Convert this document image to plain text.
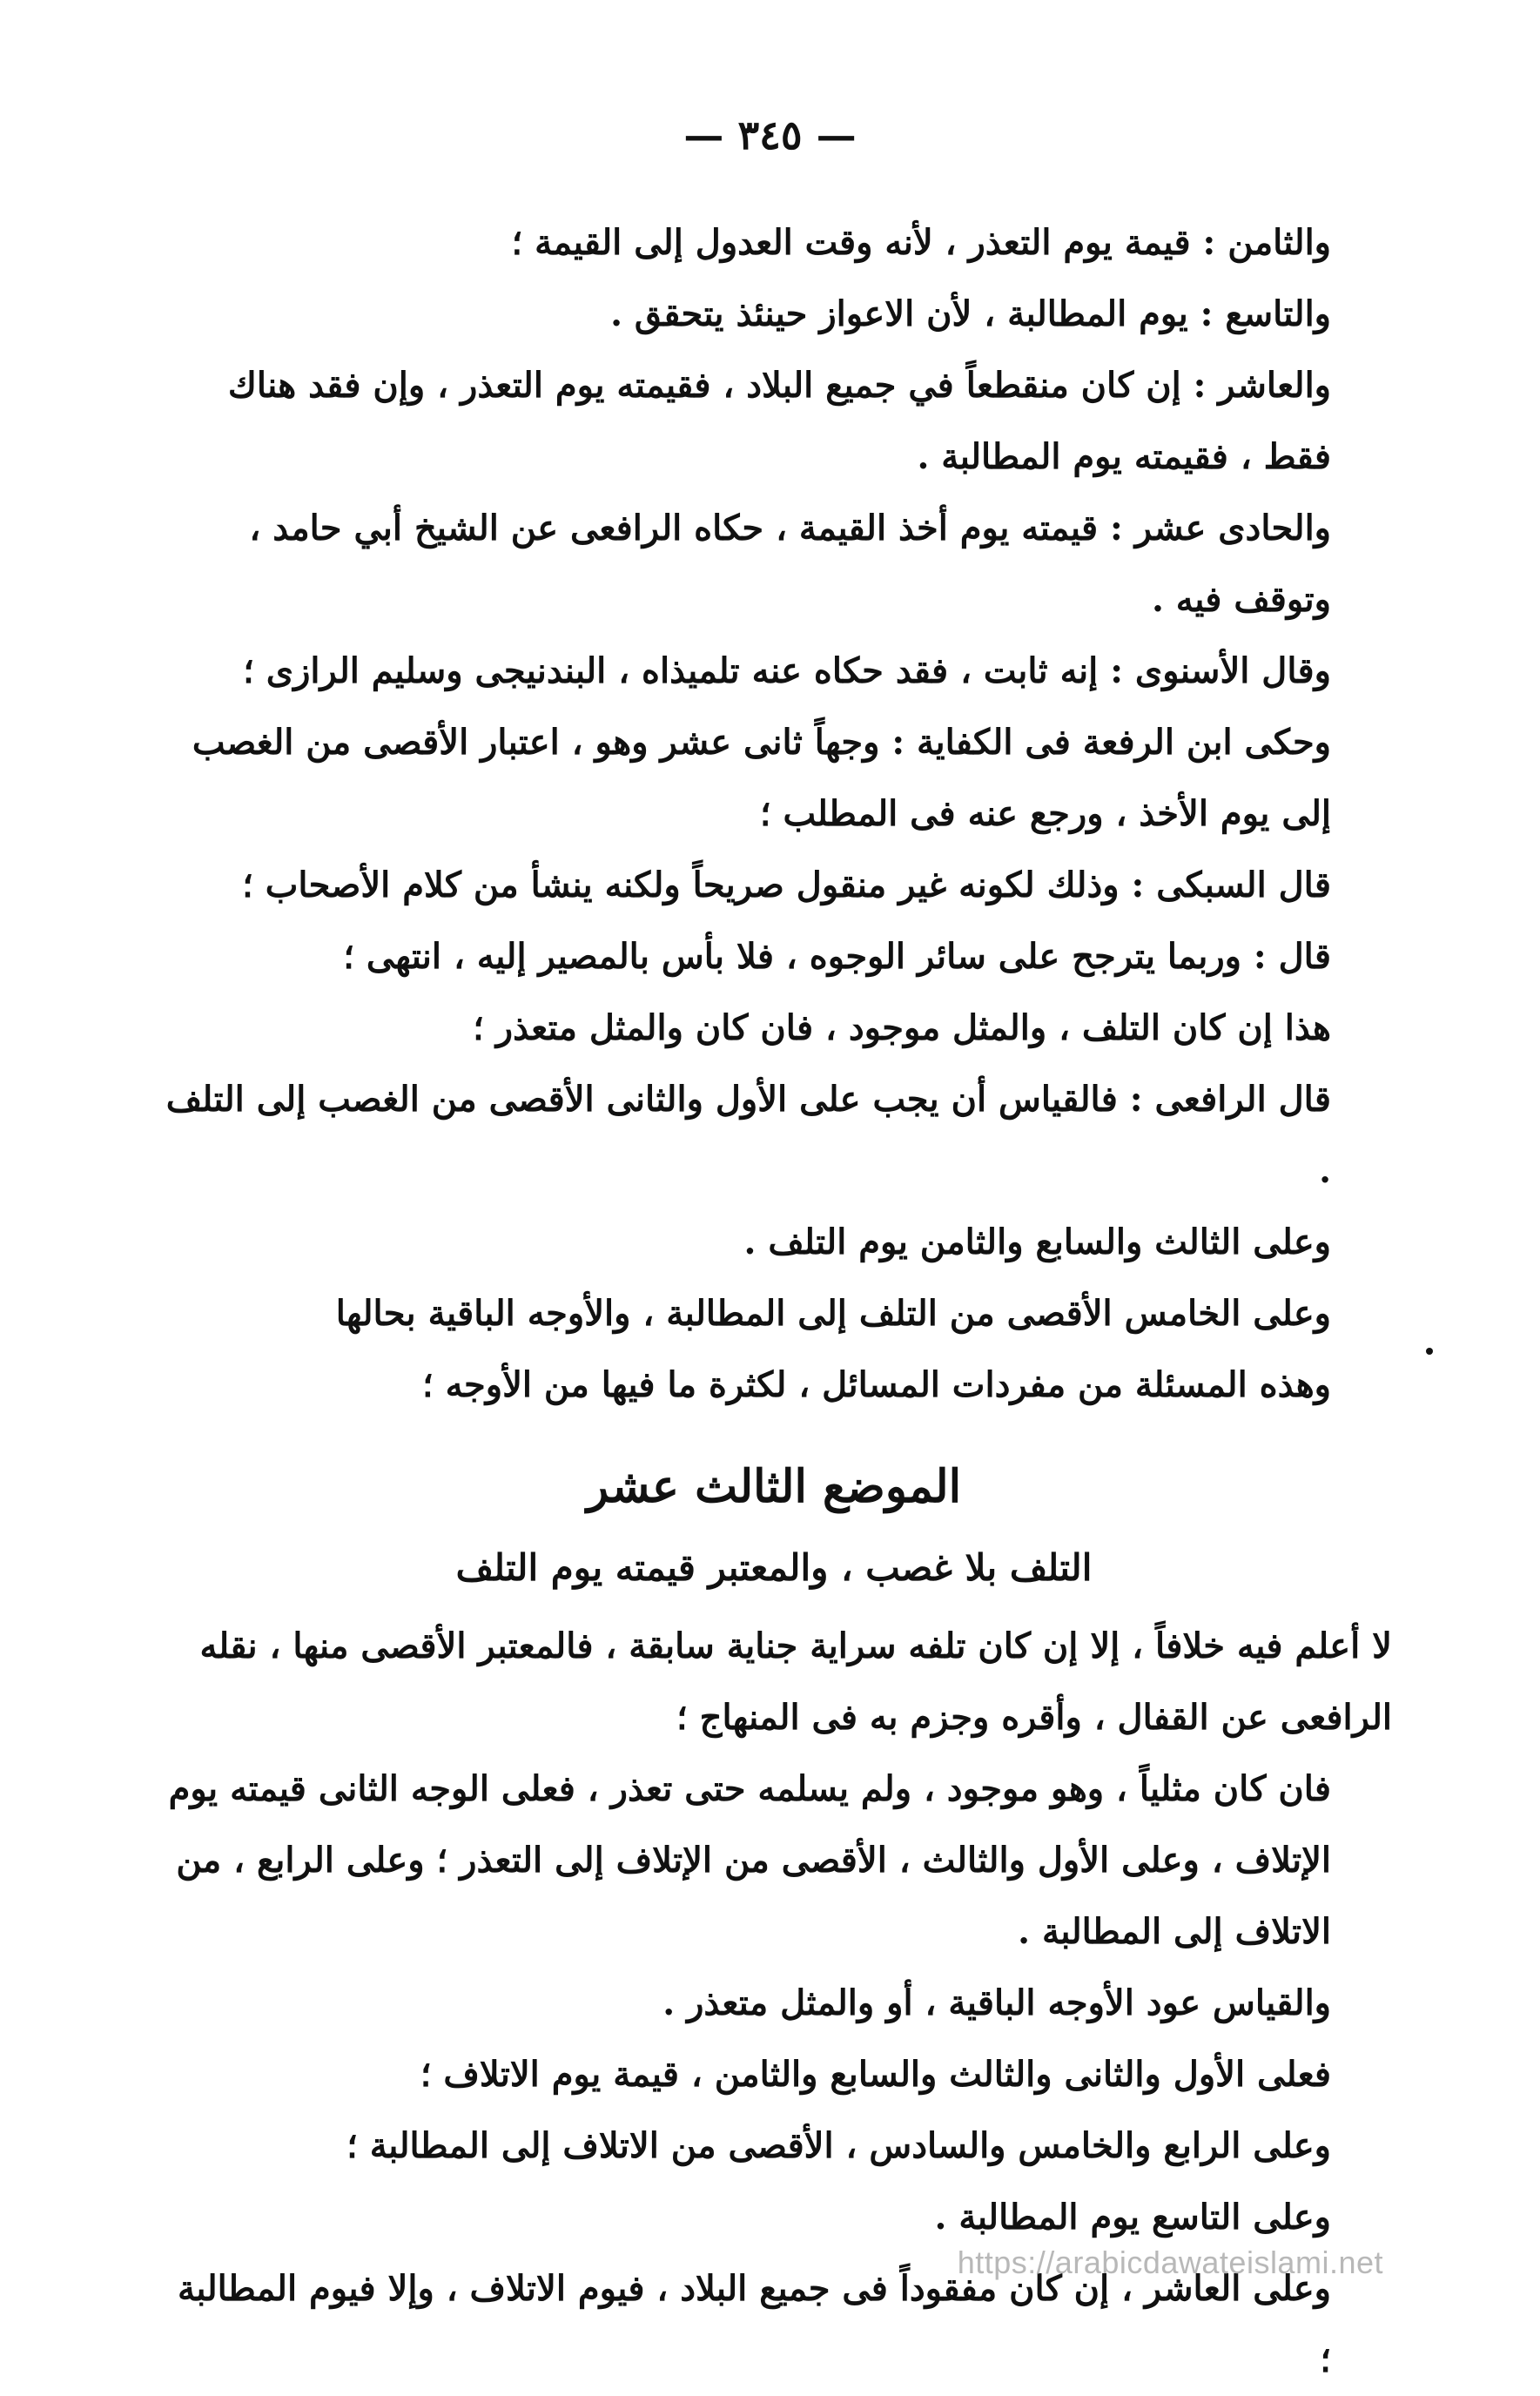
— ٣٤٥ —

والثامن : قيمة يوم التعذر ، لأنه وقت العدول إلى القيمة ؛

والتاسع : يوم المطالبة ، لأن الاعواز حينئذ يتحقق .

والعاشر : إن كان منقطعاً في جميع البلاد ، فقيمته يوم التعذر ، وإن فقد هناك فقط ، فقيمته يوم المطالبة .

والحادى عشر : قيمته يوم أخذ القيمة ، حكاه الرافعى عن الشيخ أبي حامد ، وتوقف فيه .

وقال الأسنوى : إنه ثابت ، فقد حكاه عنه تلميذاه ، البندنيجى وسليم الرازى ؛

وحكى ابن الرفعة فى الكفاية : وجهاً ثانى عشر وهو ، اعتبار الأقصى من الغصب إلى يوم الأخذ ، ورجع عنه فى المطلب ؛

قال السبكى : وذلك لكونه غير منقول صريحاً ولكنه ينشأ من كلام الأصحاب ؛

قال : وربما يترجح على سائر الوجوه ، فلا بأس بالمصير إليه ، انتهى ؛

هذا إن كان التلف ، والمثل موجود ، فان كان والمثل متعذر ؛

قال الرافعى : فالقياس أن يجب على الأول والثانى الأقصى من الغصب إلى التلف .

وعلى الثالث والسابع والثامن يوم التلف .

وعلى الخامس الأقصى من التلف إلى المطالبة ، والأوجه الباقية بحالها

وهذه المسئلة من مفردات المسائل ، لكثرة ما فيها من الأوجه ؛

الموضع الثالث عشر
التلف بلا غصب ، والمعتبر قيمته يوم التلف

لا أعلم فيه خلافاً ، إلا إن كان تلفه سراية جناية سابقة ، فالمعتبر الأقصى منها ، نقله الرافعى عن القفال ، وأقره وجزم به فى المنهاج ؛

فان كان مثلياً ، وهو موجود ، ولم يسلمه حتى تعذر ، فعلى الوجه الثانى قيمته يوم الإتلاف ، وعلى الأول والثالث ، الأقصى من الإتلاف إلى التعذر ؛ وعلى الرابع ، من الاتلاف إلى المطالبة .

والقياس عود الأوجه الباقية ، أو والمثل متعذر .

فعلى الأول والثانى والثالث والسابع والثامن ، قيمة يوم الاتلاف ؛

وعلى الرابع والخامس والسادس ، الأقصى من الاتلاف إلى المطالبة ؛

وعلى التاسع يوم المطالبة .

وعلى العاشر ، إن كان مفقوداً فى جميع البلاد ، فيوم الاتلاف ، وإلا فيوم المطالبة ؛

https://arabicdawateislami.net
